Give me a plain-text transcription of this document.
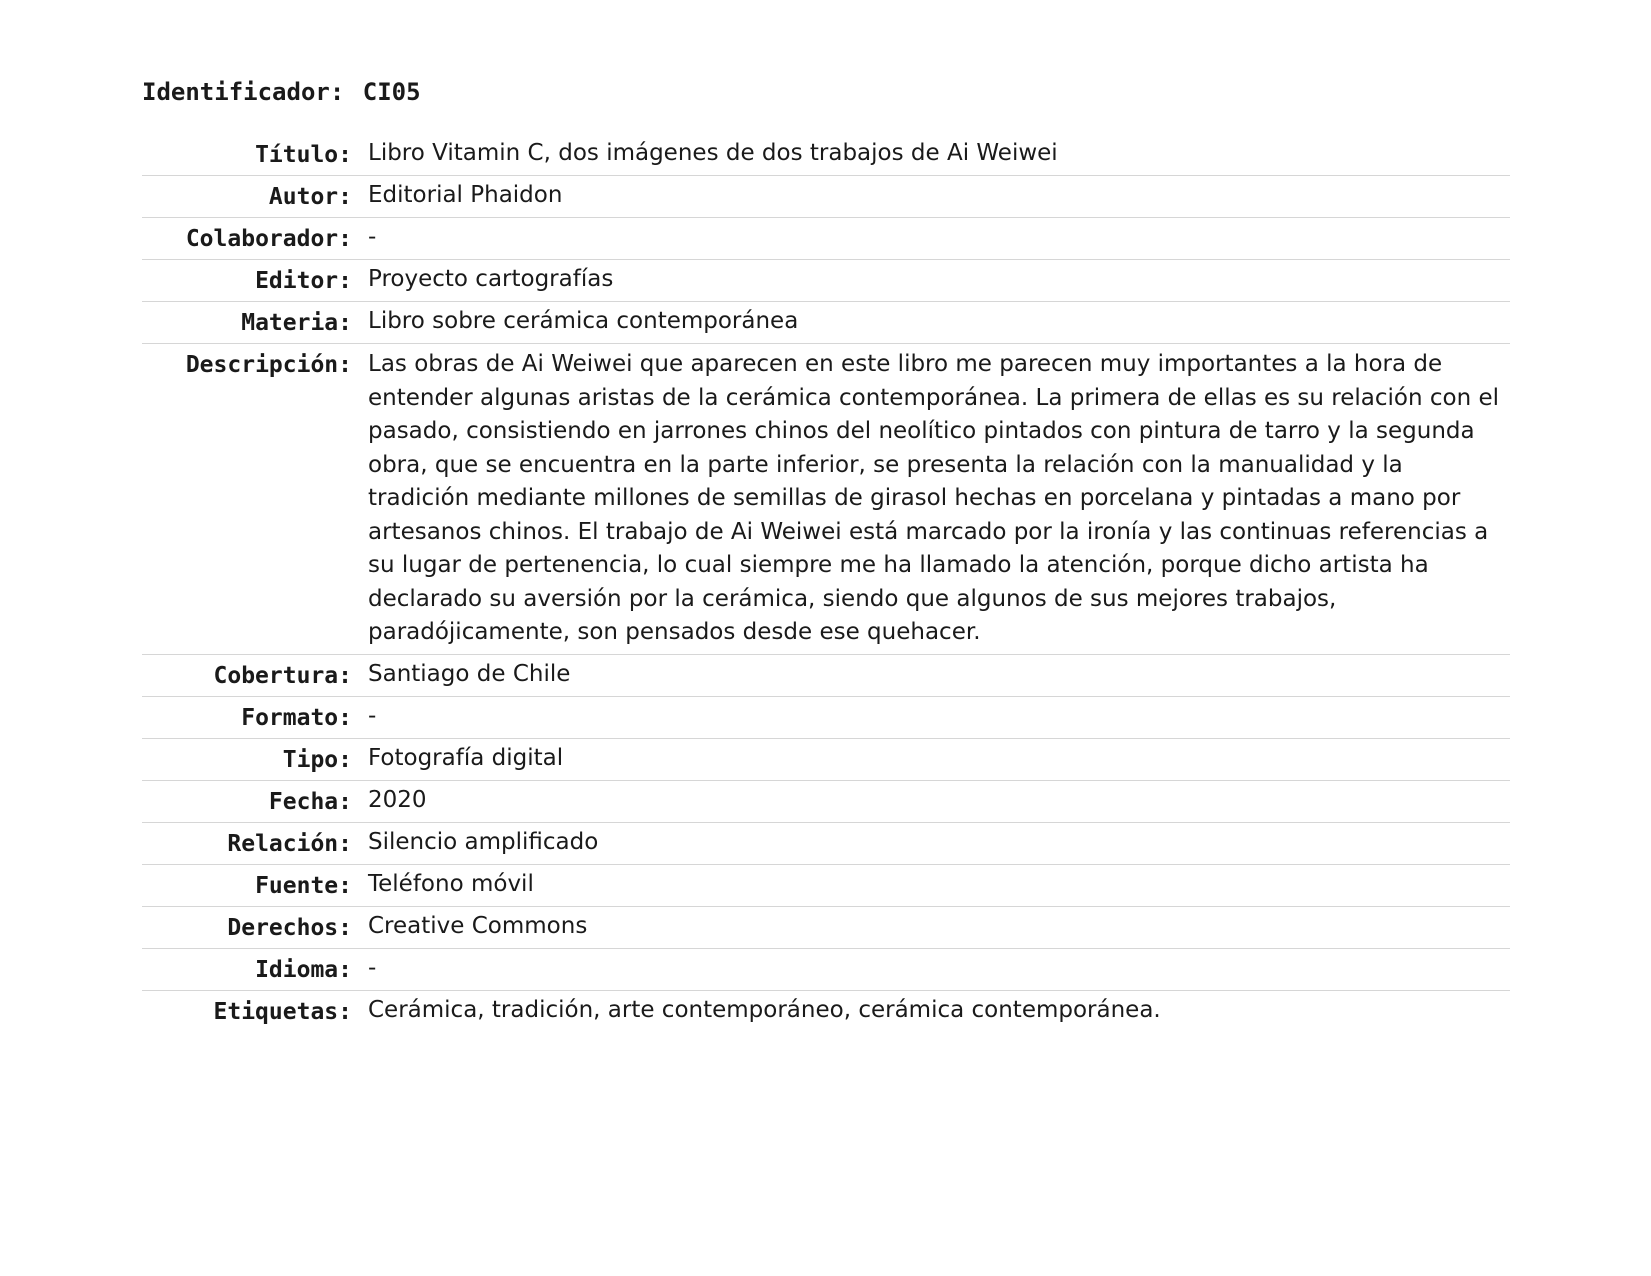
Identificador: CI05
Título: Libro Vitamin C, dos imágenes de dos trabajos de Ai Weiwei
Autor: Editorial Phaidon
Colaborador: -
Editor: Proyecto cartografías
Materia: Libro sobre cerámica contemporánea
Descripción: Las obras de Ai Weiwei que aparecen en este libro me parecen muy importantes a la hora de entender algunas aristas de la cerámica contemporánea. La primera de ellas es su relación con el pasado, consistiendo en jarrones chinos del neolítico pintados con pintura de tarro y la segunda obra, que se encuentra en la parte inferior, se presenta la relación con la manualidad y la tradición mediante millones de semillas de girasol hechas en porcelana y pintadas a mano por artesanos chinos. El trabajo de Ai Weiwei está marcado por la ironía y las continuas referencias a su lugar de pertenencia, lo cual siempre me ha llamado la atención, porque dicho artista ha declarado su aversión por la cerámica, siendo que algunos de sus mejores trabajos, paradójicamente, son pensados desde ese quehacer.
Cobertura: Santiago de Chile
Formato: -
Tipo: Fotografía digital
Fecha: 2020
Relación: Silencio amplificado
Fuente: Teléfono móvil
Derechos: Creative Commons
Idioma: -
Etiquetas: Cerámica, tradición, arte contemporáneo, cerámica contemporánea.
